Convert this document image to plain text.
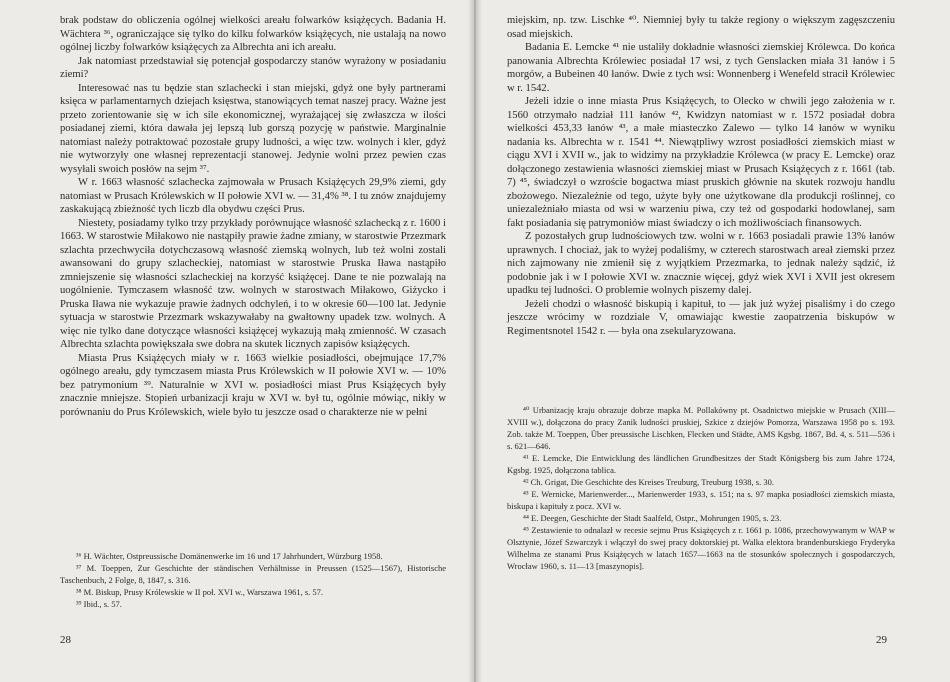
brak podstaw do obliczenia ogólnej wielkości areału folwarków książęcych. Badania H. Wächtera ³⁶, ograniczające się tylko do kilku folwarków książęcych, nie ustalają na nowo ogólnej liczby folwarków książęcych za Albrechta ani ich areału.

Jak natomiast przedstawiał się potencjał gospodarczy stanów wyrażony w posiadaniu ziemi?

Interesować nas tu będzie stan szlachecki i stan miejski, gdyż one były partnerami księca w parlamentarnych dziejach księstwa, stanowiących temat naszej pracy. Ważne jest przeto zorientowanie się w ich sile ekonomicznej, wyrażającej się zwłaszcza w ilości posiadanej ziemi, która dawała jej lepszą lub gorszą pozycję w państwie. Marginalnie natomiast należy potraktować pozostałe grupy ludności, a więc tzw. wolnych i kler, gdyż nie wytworzyły one własnej reprezentacji stanowej. Jedynie wolni przez pewien czas wysyłali swoich posłów na sejm ³⁷.

W r. 1663 własność szlachecka zajmowała w Prusach Książęcych 29,9% ziemi, gdy natomiast w Prusach Królewskich w II połowie XVI w. — 31,4% ³⁸. I tu znów znajdujemy zaskakującą zbieżność tych liczb dla obydwu części Prus.

Niestety, posiadamy tylko trzy przykłady porównujące własność szlachecką z r. 1600 i 1663. W starostwie Miłakowo nie nastąpiły prawie żadne zmiany, w starostwie Przezmark szlachta przechwyciła dotychczasową własność ziemską wolnych, lub też wolni zostali awansowani do grupy szlacheckiej, natomiast w starostwie Pruska Iława nastąpiło zmniejszenie się własności szlacheckiej na korzyść książęcej. Dane te nie pozwalają na uogólnienie. Tymczasem własność tzw. wolnych w starostwach Miłakowo, Giżycko i Pruska Iława nie wykazuje prawie żadnych odchyleń, i to w okresie 60—100 lat. Jedynie sytuacja w starostwie Przezmark wskazywałaby na gwałtowny upadek tzw. wolnych. A więc nie tylko dane dotyczące własności książęcej wykazują małą zmienność. W czasach Albrechta szlachta powiększała swe dobra na skutek licznych zapisów książęcych.

Miasta Prus Książęcych miały w r. 1663 wielkie posiadłości, obejmujące 17,7% ogólnego areału, gdy tymczasem miasta Prus Królewskich w II połowie XVI w. — 10% bez patrymonium ³⁹. Naturalnie w XVI w. posiadłości miast Prus Książęcych były znacznie mniejsze. Stopień urbanizacji kraju w XVI w. był tu, ogólnie mówiąc, nikły w porównaniu do Prus Królewskich, wiele było tu jeszcze osad o charakterze nie w pełni

³⁶ H. Wächter, Ostpreussische Domänenwerke im 16 und 17 Jahrhundert, Würzburg 1958.

³⁷ M. Toeppen, Zur Geschichte der ständischen Verhältnisse in Preussen (1525—1567), Historische Taschenbuch, 2 Folge, 8, 1847, s. 316.

³⁸ M. Biskup, Prusy Królewskie w II poł. XVI w., Warszawa 1961, s. 57.

³⁹ Ibid., s. 57.

28

miejskim, np. tzw. Lischke ⁴⁰. Niemniej były tu także regiony o większym zagęszczeniu osad miejskich.

Badania E. Lemcke ⁴¹ nie ustaliły dokładnie własności ziemskiej Królewca. Do końca panowania Albrechta Królewiec posiadał 17 wsi, z tych Genslacken miała 31 łanów i 5 morgów, a Bubeinen 40 łanów. Dwie z tych wsi: Wonnenberg i Wenefeld stracił Królewiec w r. 1542.

Jeżeli idzie o inne miasta Prus Książęcych, to Olecko w chwili jego założenia w r. 1560 otrzymało nadział 111 łanów ⁴², Kwidzyn natomiast w r. 1572 posiadał dobra wielkości 453,33 łanów ⁴³, a małe miasteczko Zalewo — tylko 14 łanów w wyniku nadania ks. Albrechta w r. 1541 ⁴⁴. Niewątpliwy wzrost posiadłości ziemskich miast w ciągu XVI i XVII w., jak to widzimy na przykładzie Królewca (w pracy E. Lemcke) oraz dołączonego zestawienia własności ziemskiej miast w Prusach Książęcych z r. 1661 (tab. 7) ⁴⁵, świadczył o wzroście bogactwa miast pruskich głównie na skutek rozwoju handlu zbożowego. Niezależnie od tego, użyte były one użytkowane dla produkcji roślinnej, co uniezależniało miasta od wsi w warzeniu piwa, czy też od gospodarki hodowlanej, sam fakt posiadania się patrymoniów miast świadczy o ich możliwościach finansowych.

Z pozostałych grup ludnościowych tzw. wolni w r. 1663 posiadali prawie 13% łanów uprawnych. I chociaż, jak to wyżej podaliśmy, w czterech starostwach areał ziemski przez nich zajmowany nie zmienił się z wyjątkiem Przezmarka, to jednak należy sądzić, iż podobnie jak i w I połowie XVI w. znacznie więcej, gdyż wiek XVI i XVII jest okresem upadku tej ludności. O problemie wolnych piszemy dalej.

Jeżeli chodzi o własność biskupią i kapituł, to — jak już wyżej pisaliśmy i do czego jeszcze wrócimy w rozdziale V, omawiając kwestie zaopatrzenia biskupów w Regimentsnotel 1542 r. — była ona zsekularyzowana.

⁴⁰ Urbanizację kraju obrazuje dobrze mapka M. Pollakówny pt. Osadnictwo miejskie w Prusach (XIII—XVIII w.), dołączona do pracy Zanik ludności pruskiej, Szkice z dziejów Pomorza, Warszawa 1958 po s. 193. Zob. także M. Toeppen, Über preussische Lischken, Flecken und Städte, AMS Kgsbg. 1867, Bd. 4, s. 511—536 i s. 621—646.

⁴¹ E. Lemcke, Die Entwicklung des ländlichen Grundbesitzes der Stadt Königsberg bis zum Jahre 1724, Kgsbg. 1925, dołączona tablica.

⁴² Ch. Grigat, Die Geschichte des Kreises Treuburg, Treuburg 1938, s. 30.

⁴³ E. Wernicke, Marienwerder..., Marienwerder 1933, s. 151; na s. 97 mapka posiadłości ziemskich miasta, biskupa i kapituły z pocz. XVI w.

⁴⁴ E. Deegen, Geschichte der Stadt Saalfeld, Ostpr., Mohrungen 1905, s. 23.

⁴⁵ Zestawienie to odnalazł w recesie sejmu Prus Książęcych z r. 1661 p. 1086, przechowywanym w WAP w Olsztynie, Józef Szwarczyk i włączył do swej pracy doktorskiej pt. Walka elektora brandenburskiego Fryderyka Wilhelma ze stanami Prus Książęcych w latach 1657—1663 na tle stosunków społecznych i gospodarczych, Wrocław 1960, s. 11—13 [maszynopis].

29
